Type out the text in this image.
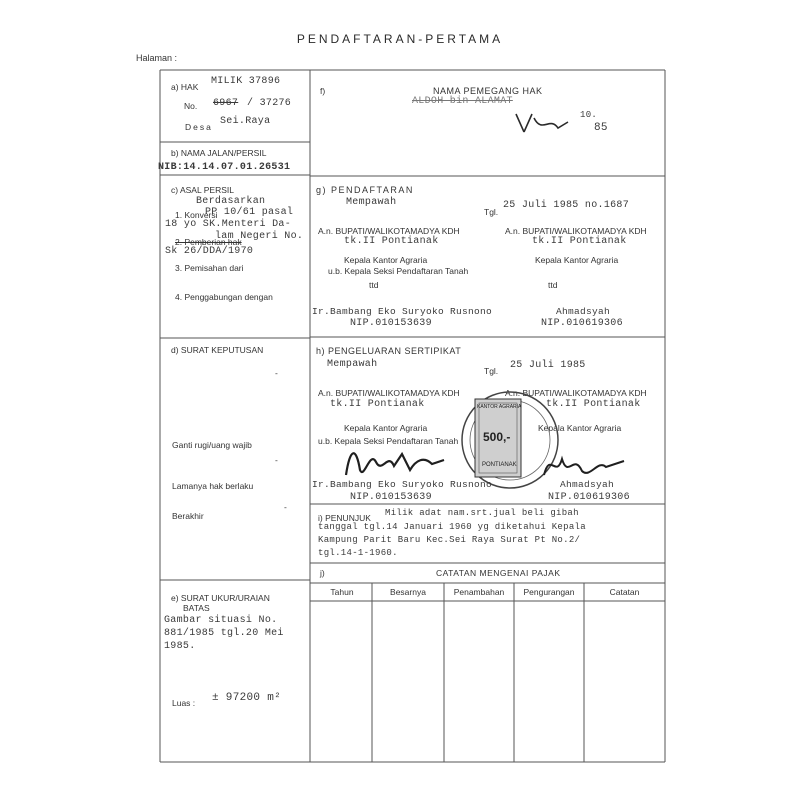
PENDAFTARAN-PERTAMA
Halaman :
a) HAK MILIK 37896
No. 6967 / 37276
Desa Sei.Raya
f)	NAMA PEMEGANG HAK
ALDOH bin ALAMAT
10.
85
b) NAMA JALAN/PERSIL
NIB:14.14.07.01.26531
c) ASAL PERSIL
Berdasarkan
PP 10/61 pasal
18 yo SK.Menteri Da-
lam Negeri No.
Sk 26/DDA/1970
1. Konversi
2. Pemberian hak
3. Pemisahan dari
4. Penggabungan dengan
g) PENDAFTARAN
Mempawah
Tgl.
25 Juli 1985 no.1687
A.n. BUPATI/WALIKOTAMADYA KDH	A.n. BUPATI/WALIKOTAMADYA KDH
tk.II Pontianak	tk.II Pontianak
Kepala Kantor Agraria	Kepala Kantor Agraria
u.b. Kepala Seksi Pendaftaran Tanah
ttd	ttd
Ir.Bambang Eko Suryoko Rusnono	Ahmadsyah
NIP.010153639	NIP.010619306
d) SURAT KEPUTUSAN
-
Ganti rugi/uang wajib
-
Lamanya hak berlaku
Berakhir
-
h) PENGELUARAN SERTIPIKAT
Mempawah
Tgl. 25 Juli 1985
A.n. BUPATI/WALIKOTAMADYA KDH	A.n. BUPATI/WALIKOTAMADYA KDH
tk.II Pontianak	tk.II Pontianak
Kepala Kantor Agraria	Kepala Kantor Agraria
u.b. Kepala Seksi Pendaftaran Tanah
KANTOR AGRARIA
500,-
PONTIANAK
Ir.Bambang Eko Suryoko Rusnono	Ahmadsyah
NIP.010153639	NIP.010619306
i) PENUNJUK Milik adat nam.srt.jual beli gibah
tanggal tgl.14 Januari 1960 yg diketahui Kepala
Kampung Parit Baru Kec.Sei Raya Surat Pt No.2/
tgl.14-1-1960.
j)	CATATAN MENGENAI PAJAK
Tahun	Besarnya	Penambahan	Pengurangan	Catatan
e) SURAT UKUR/URAIAN
BATAS
Gambar situasi No.
881/1985 tgl.20 Mei
1985.
Luas : ± 97200 m²
